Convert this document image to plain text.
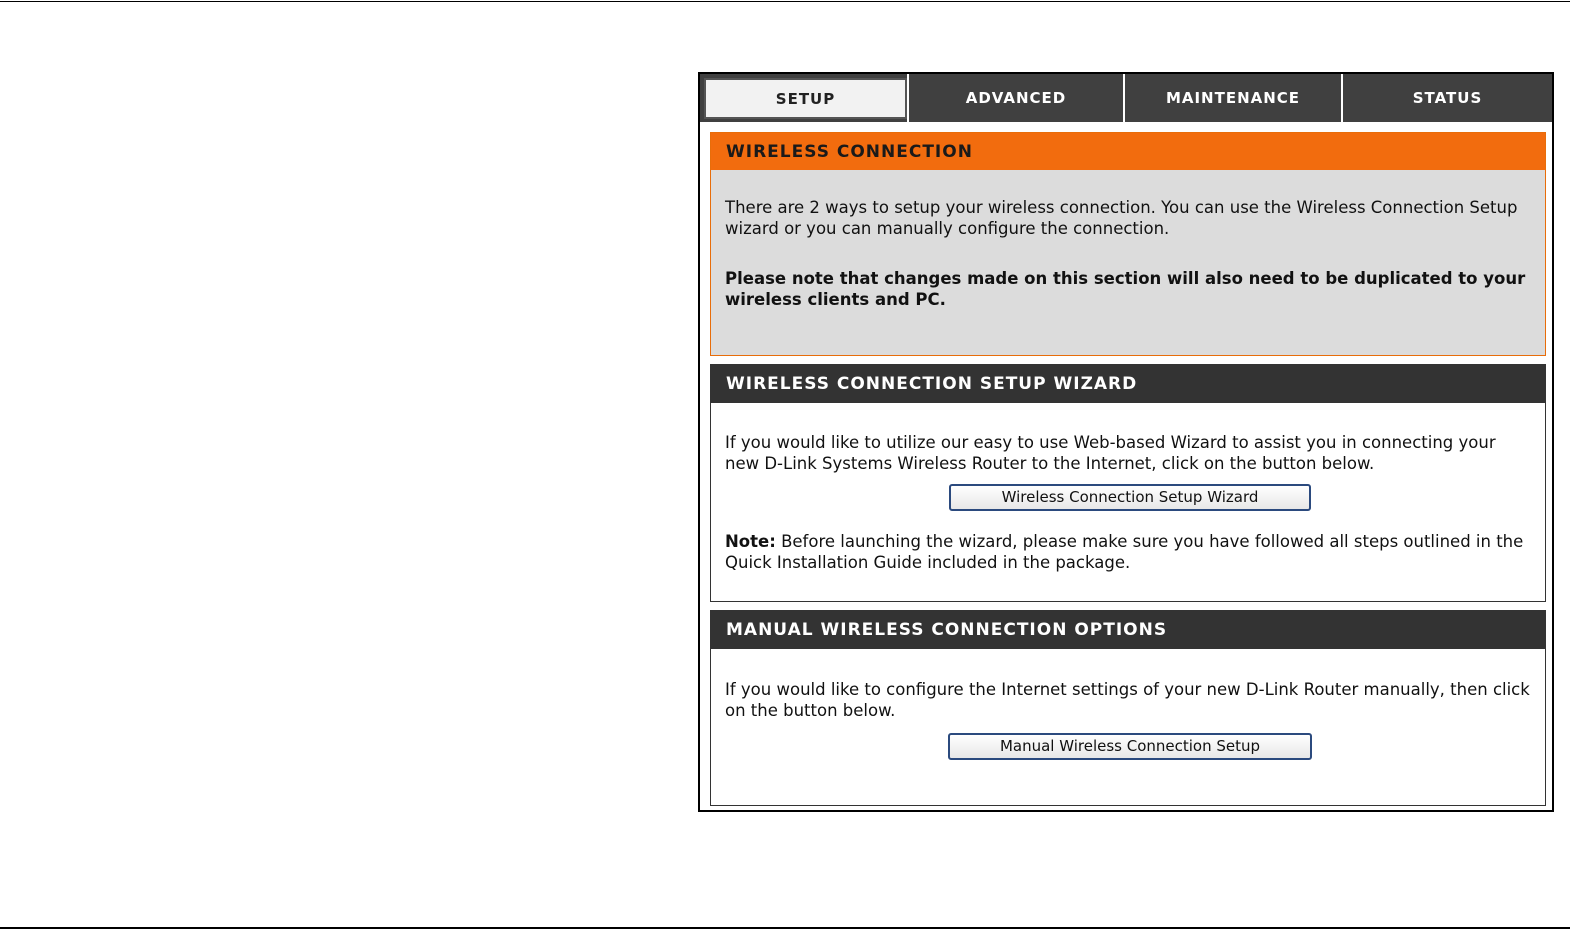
SETUP	ADVANCED	MAINTENANCE	STATUS
WIRELESS CONNECTION

There are 2 ways to setup your wireless connection. You can use the Wireless Connection Setup wizard or you can manually configure the connection.

Please note that changes made on this section will also need to be duplicated to your wireless clients and PC.

WIRELESS CONNECTION SETUP WIZARD

If you would like to utilize our easy to use Web-based Wizard to assist you in connecting your new D-Link Systems Wireless Router to the Internet, click on the button below.

Wireless Connection Setup Wizard

Note: Before launching the wizard, please make sure you have followed all steps outlined in the Quick Installation Guide included in the package.

MANUAL WIRELESS CONNECTION OPTIONS

If you would like to configure the Internet settings of your new D-Link Router manually, then click on the button below.

Manual Wireless Connection Setup
